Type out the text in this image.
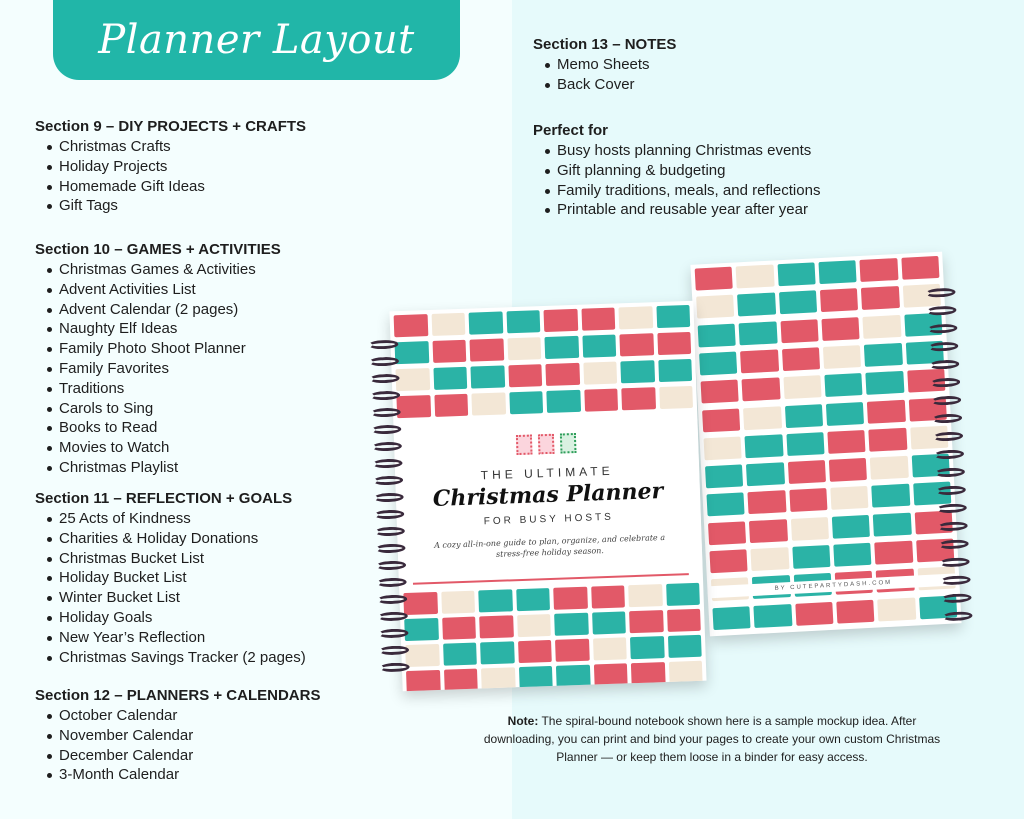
Planner Layout
Section 9 – DIY PROJECTS + CRAFTS
Christmas Crafts
Holiday Projects
Homemade Gift Ideas
Gift Tags
Section 10 – GAMES + ACTIVITIES
Christmas Games & Activities
Advent Activities List
Advent Calendar (2 pages)
Naughty Elf Ideas
Family Photo Shoot Planner
Family Favorites
Traditions
Carols to Sing
Books to Read
Movies to Watch
Christmas Playlist
Section 11 – REFLECTION + GOALS
25 Acts of Kindness
Charities & Holiday Donations
Christmas Bucket List
Holiday Bucket List
Winter Bucket List
Holiday Goals
New Year’s Reflection
Christmas Savings Tracker (2 pages)
Section 12 – PLANNERS + CALENDARS
October Calendar
November Calendar
December Calendar
3-Month Calendar
Section 13 – NOTES
Memo Sheets
Back Cover
Perfect for
Busy hosts planning Christmas events
Gift planning & budgeting
Family traditions, meals, and reflections
Printable and reusable year after year
BY CUTEPARTYDASH.COM
THE ULTIMATE
Christmas Planner
FOR BUSY HOSTS
A cozy all-in-one guide to plan, organize, and celebrate a stress-free holiday season.
Note: The spiral-bound notebook shown here is a sample mockup idea. After downloading, you can print and bind your pages to create your own custom Christmas Planner — or keep them loose in a binder for easy access.
